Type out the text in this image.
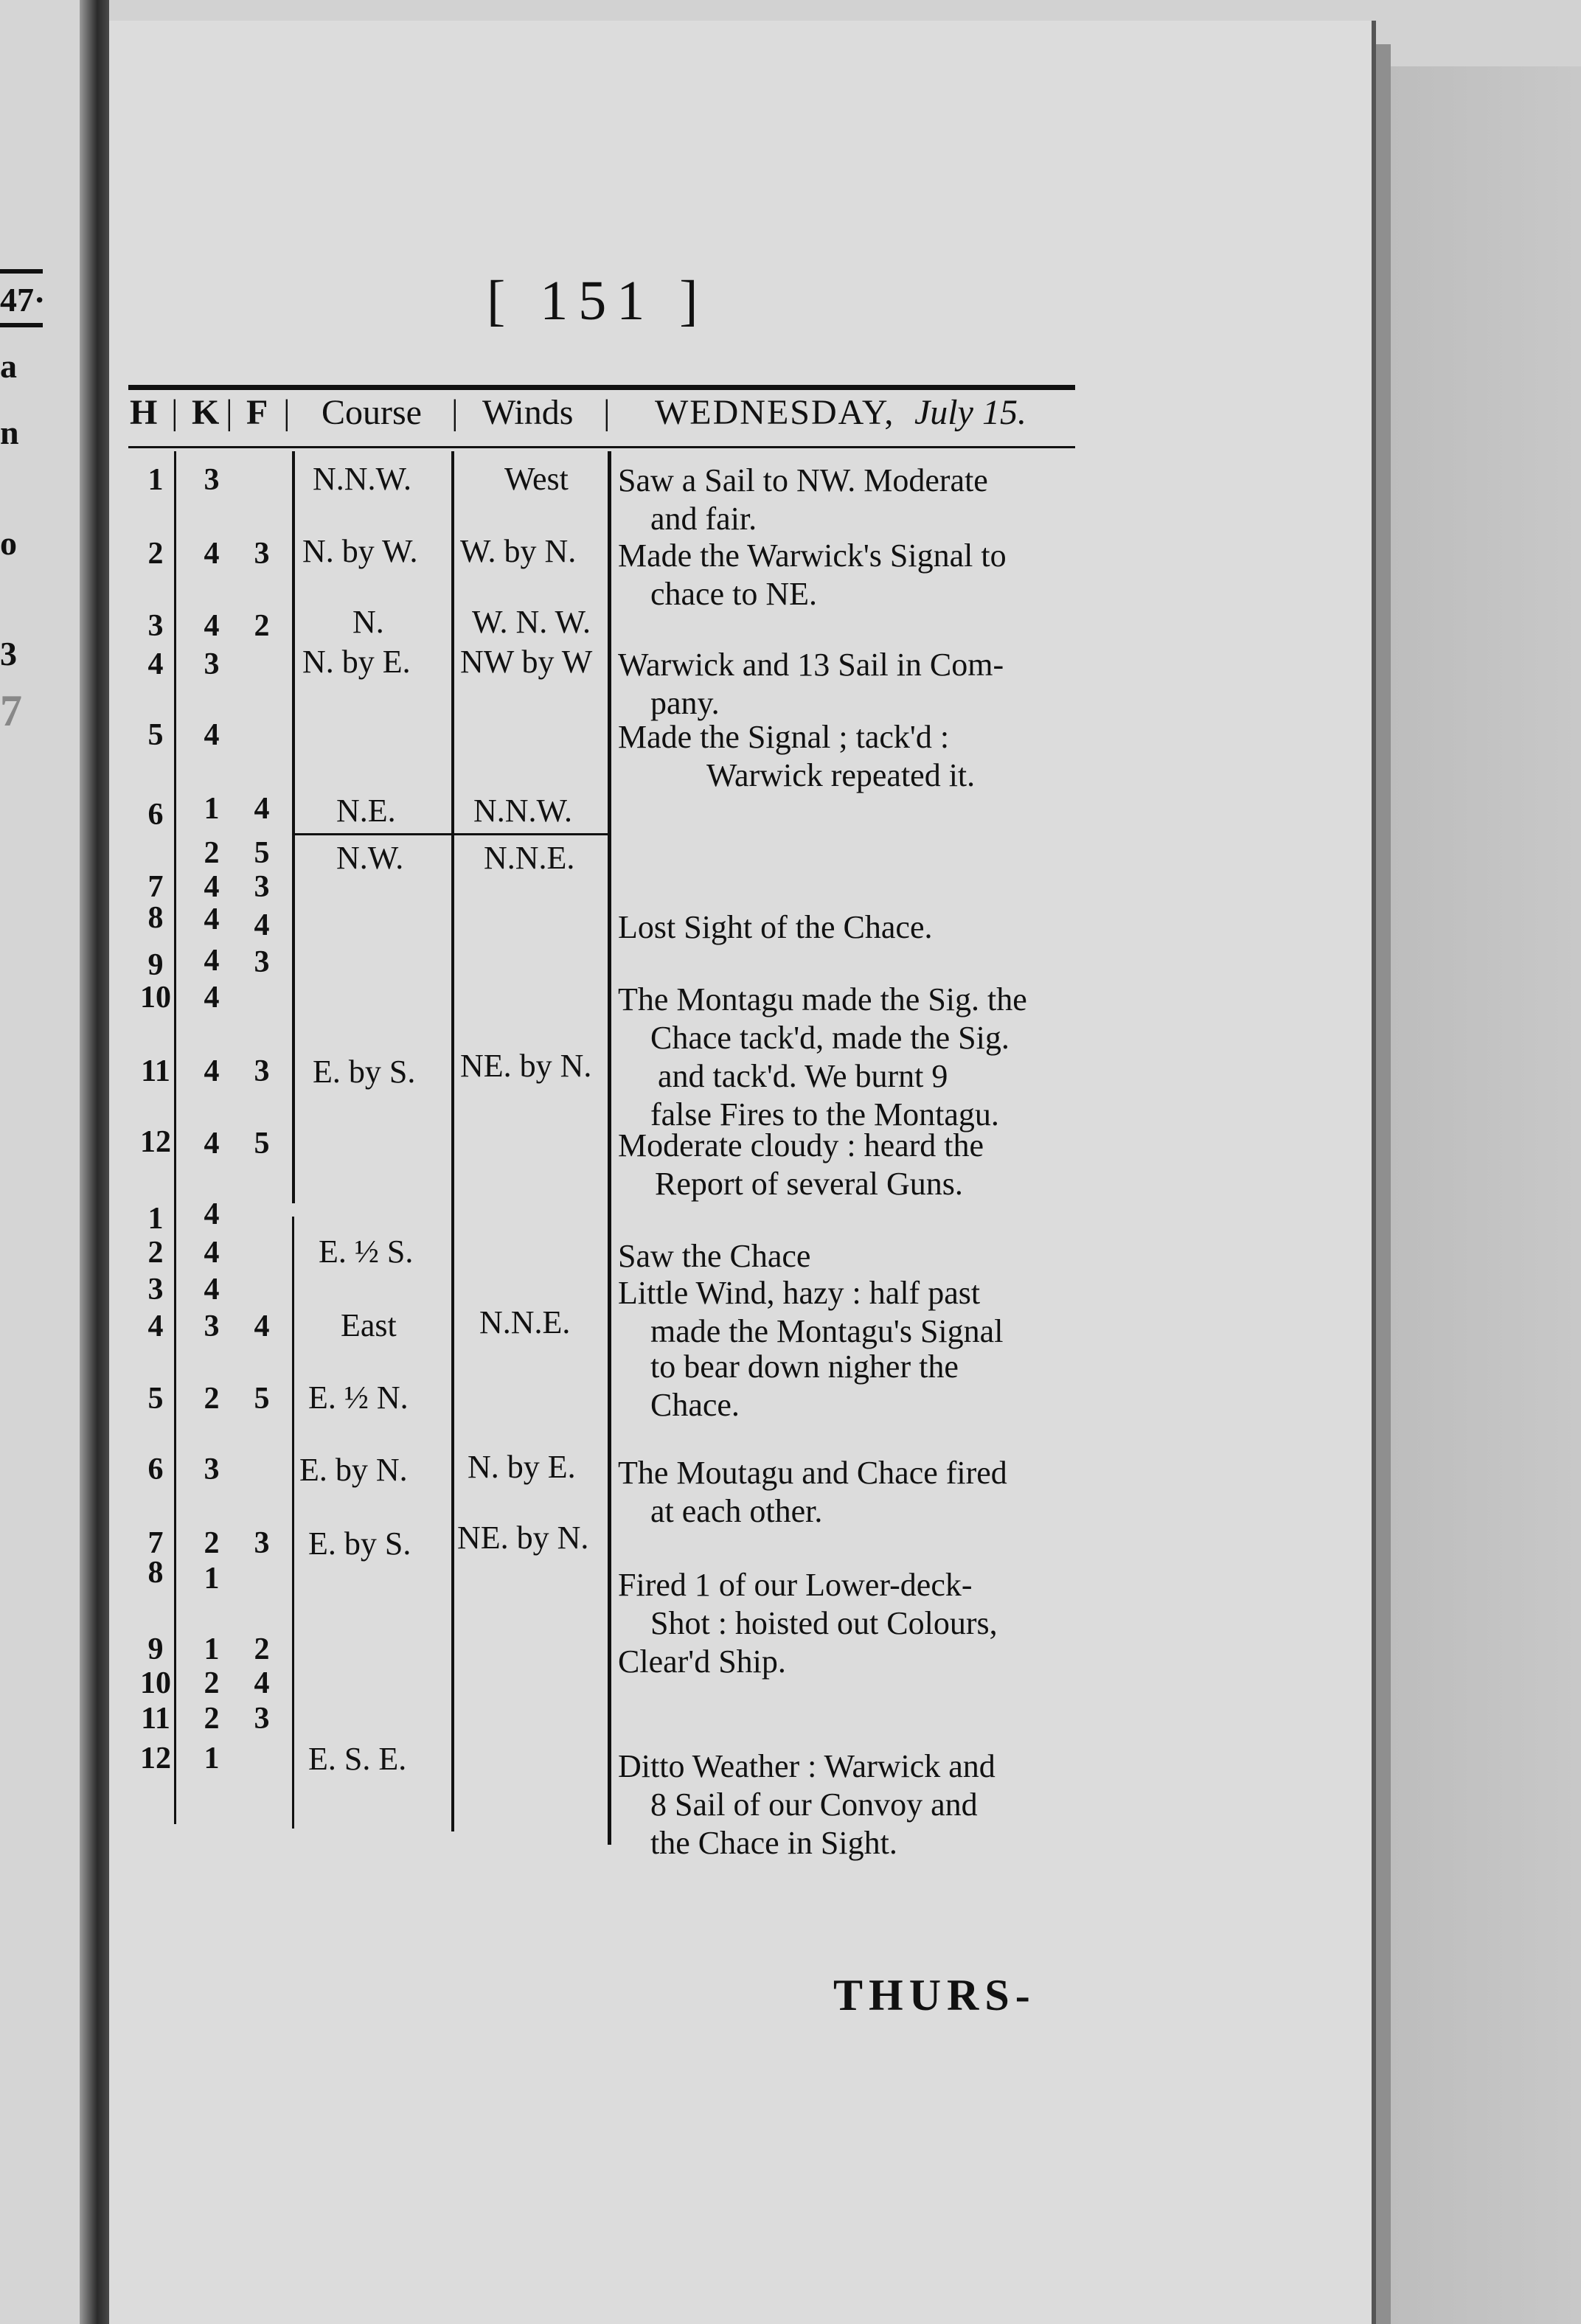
47·
a
n
o
3
7
[ 151 ]
H | K | F | Course | Winds | WEDNESDAY, July 15.
1
2
3
4
5
6
7
8
9
10
11
12
1
2
3
4
5
6
7
8
9
10
11
12
3
4
4
3
4
1
2
4
4
4
4
4
4
4
4
4
3
2
3
2
1
1
2
2
1
3
2
4
5
3
4
3
3
5
4
5
3
2
4
3
N.N.W.
N. by W.
N.
N. by E.
N.E.
N.W.
E. by S.
E. ½ S.
East
E. ½ N.
E. by N.
E. by S.
E. S. E.
West
W. by N.
W. N. W.
NW by W
N.N.W.
N.N.E.
NE. by N.
N.N.E.
N. by E.
NE. by N.
Saw a Sail to NW. Moderate
and fair.
Made the Warwick's Signal to
chace to NE.
Warwick and 13 Sail in Com-
pany.
Made the Signal ; tack'd :
Warwick repeated it.
Lost Sight of the Chace.
The Montagu made the Sig. the
Chace tack'd, made the Sig.
and tack'd. We burnt 9
false Fires to the Montagu.
Moderate cloudy : heard the
Report of several Guns.
Saw the Chace
Little Wind, hazy : half past
made the Montagu's Signal
to bear down nigher the
Chace.
The Moutagu and Chace fired
at each other.
Fired 1 of our Lower-deck-
Shot : hoisted out Colours,
Clear'd Ship.
Ditto Weather : Warwick and
8 Sail of our Convoy and
the Chace in Sight.
THURS-
